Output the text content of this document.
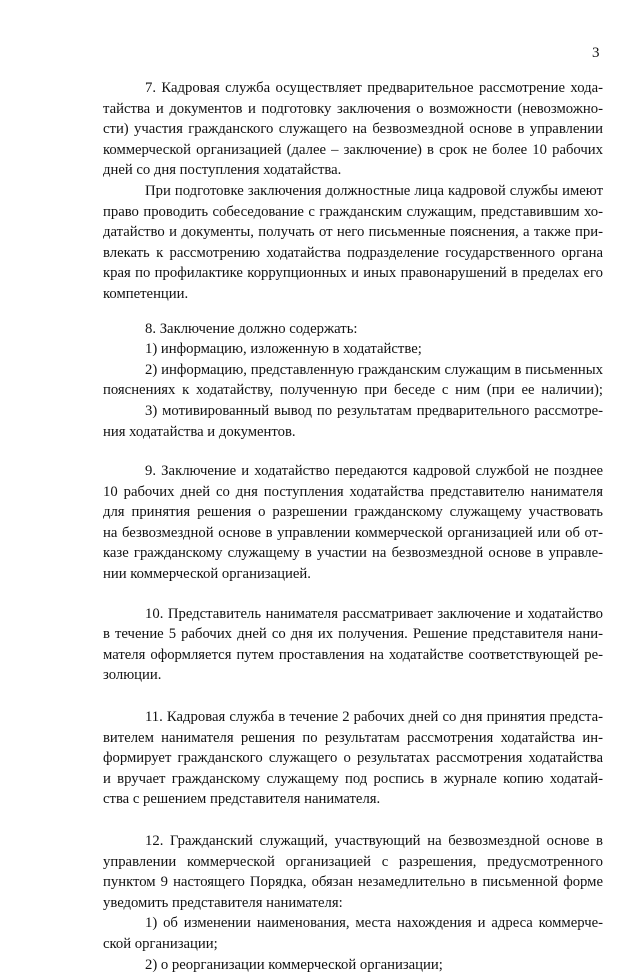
3
7. Кадровая служба осуществляет предварительное рассмотрение хода-
тайства и документов и подготовку заключения о возможности (невозможно-
сти) участия гражданского служащего на безвозмездной основе в управлении
коммерческой организацией (далее – заключение) в срок не более 10 рабочих
дней со дня поступления ходатайства.
При подготовке заключения должностные лица кадровой службы имеют
право проводить собеседование с гражданским служащим, представившим хо-
датайство и документы, получать от него письменные пояснения, а также при-
влекать к рассмотрению ходатайства подразделение государственного органа
края по профилактике коррупционных и иных правонарушений в пределах его
компетенции.
8. Заключение должно содержать:
1) информацию, изложенную в ходатайстве;
2) информацию, представленную гражданским служащим в письменных
пояснениях к ходатайству, полученную при беседе с ним (при ее наличии);
3) мотивированный вывод по результатам предварительного рассмотре-
ния ходатайства и документов.
9. Заключение и ходатайство передаются кадровой службой не позднее
10 рабочих дней со дня поступления ходатайства представителю нанимателя
для принятия решения о разрешении гражданскому служащему участвовать
на безвозмездной основе в управлении коммерческой организацией или об от-
казе гражданскому служащему в участии на безвозмездной основе в управле-
нии коммерческой организацией.
10. Представитель нанимателя рассматривает заключение и ходатайство
в течение 5 рабочих дней со дня их получения. Решение представителя нани-
мателя оформляется путем проставления на ходатайстве соответствующей ре-
золюции.
11. Кадровая служба в течение 2 рабочих дней со дня принятия предста-
вителем нанимателя решения по результатам рассмотрения ходатайства ин-
формирует гражданского служащего о результатах рассмотрения ходатайства
и вручает гражданскому служащему под роспись в журнале копию ходатай-
ства с решением представителя нанимателя.
12. Гражданский служащий, участвующий на безвозмездной основе в
управлении коммерческой организацией с разрешения, предусмотренного
пунктом 9 настоящего Порядка, обязан незамедлительно в письменной форме
уведомить представителя нанимателя:
1) об изменении наименования, места нахождения и адреса коммерче-
ской организации;
2) о реорганизации коммерческой организации;
